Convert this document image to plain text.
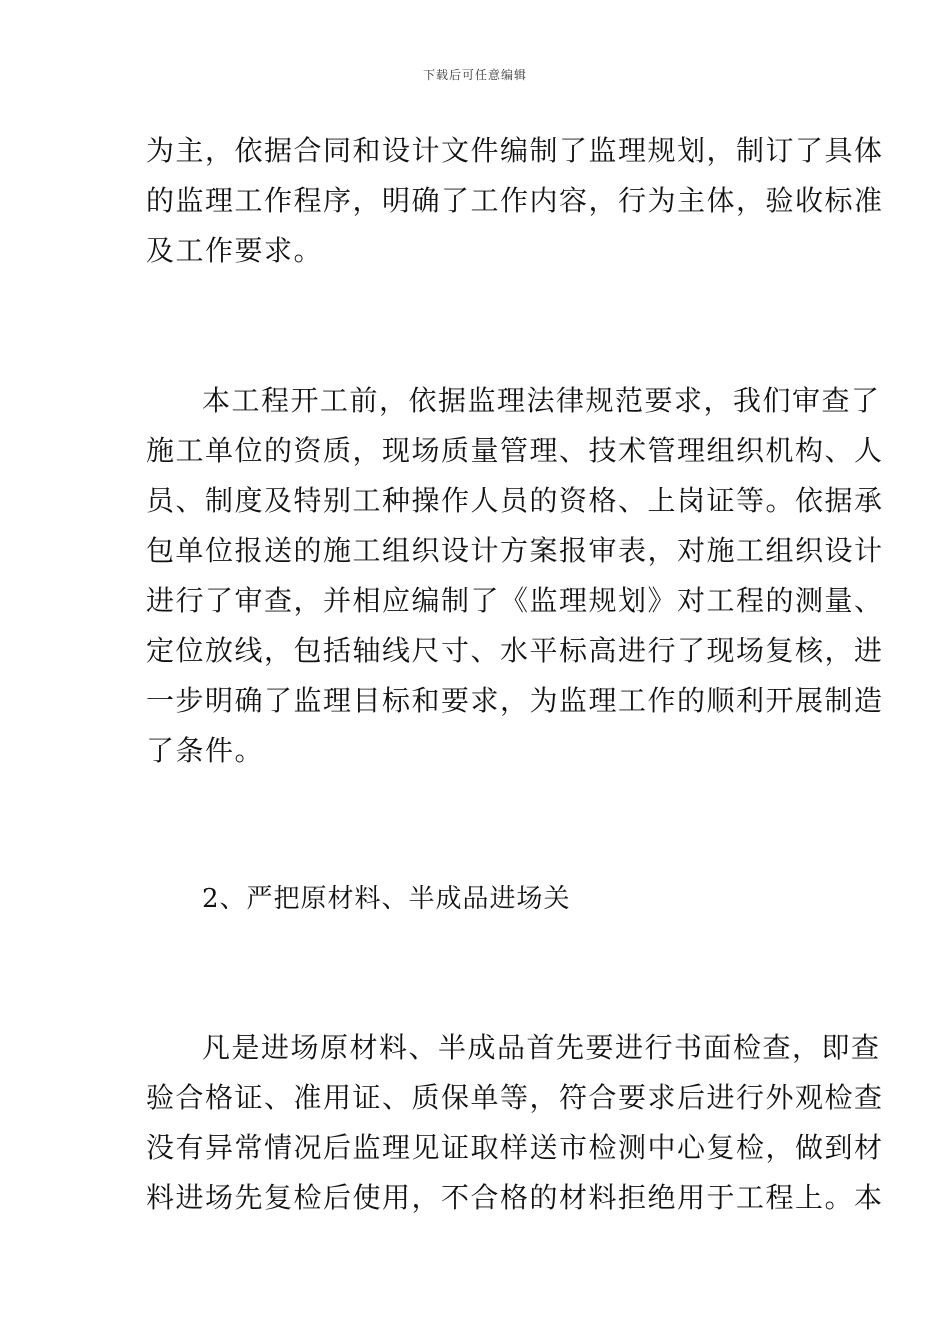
下载后可任意编辑
为主，依据合同和设计文件编制了监理规划，制订了具体
的监理工作程序，明确了工作内容，行为主体，验收标准
及工作要求。
本工程开工前，依据监理法律规范要求，我们审查了
施工单位的资质，现场质量管理、技术管理组织机构、人
员、制度及特别工种操作人员的资格、上岗证等。依据承
包单位报送的施工组织设计方案报审表，对施工组织设计
进行了审查，并相应编制了《监理规划》对工程的测量、
定位放线，包括轴线尺寸、水平标高进行了现场复核，进
一步明确了监理目标和要求，为监理工作的顺利开展制造
了条件。
2、严把原材料、半成品进场关
凡是进场原材料、半成品首先要进行书面检查，即查
验合格证、准用证、质保单等，符合要求后进行外观检查
没有异常情况后监理见证取样送市检测中心复检，做到材
料进场先复检后使用，不合格的材料拒绝用于工程上。本
